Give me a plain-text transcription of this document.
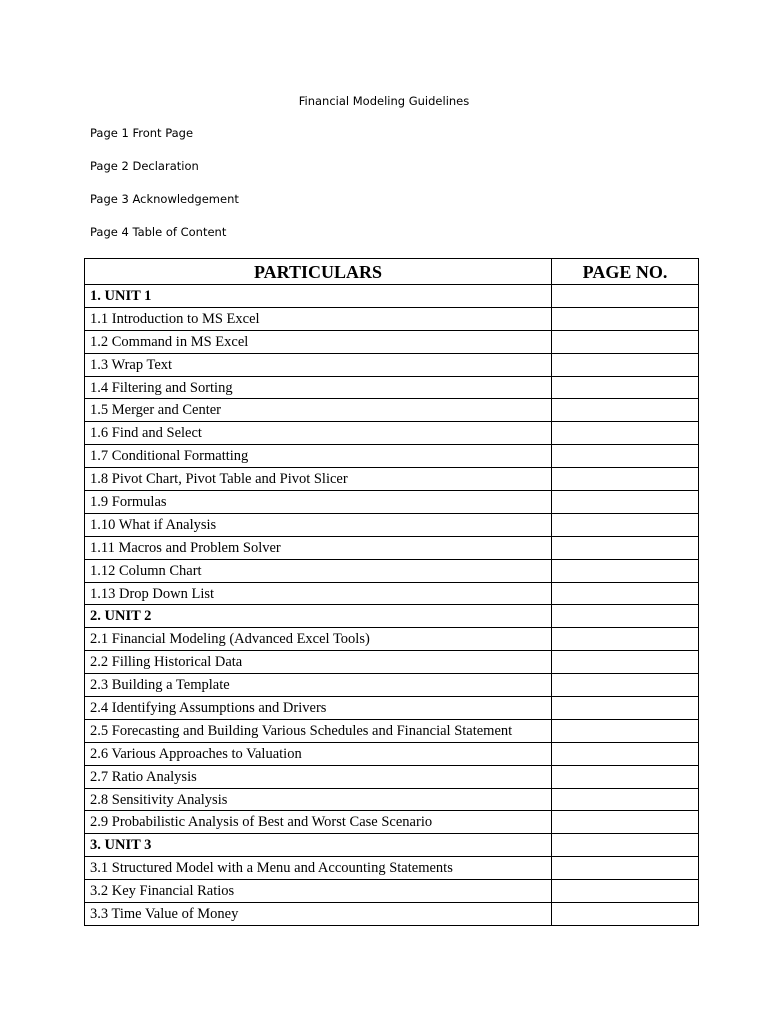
Financial Modeling Guidelines
Page 1 Front Page
Page 2 Declaration
Page 3 Acknowledgement
Page 4 Table of Content
PARTICULARS	PAGE NO.
1. UNIT 1	
1.1 Introduction to MS Excel	
1.2 Command in MS Excel	
1.3 Wrap Text	
1.4 Filtering and Sorting	
1.5 Merger and Center	
1.6 Find and Select	
1.7 Conditional Formatting	
1.8 Pivot Chart, Pivot Table and Pivot Slicer	
1.9 Formulas	
1.10 What if Analysis	
1.11 Macros and Problem Solver	
1.12 Column Chart	
1.13 Drop Down List	
2. UNIT 2	
2.1 Financial Modeling (Advanced Excel Tools)	
2.2 Filling Historical Data	
2.3 Building a Template	
2.4 Identifying Assumptions and Drivers	
2.5 Forecasting and Building Various Schedules and Financial Statement	
2.6 Various Approaches to Valuation	
2.7 Ratio Analysis	
2.8 Sensitivity Analysis	
2.9 Probabilistic Analysis of Best and Worst Case Scenario	
3. UNIT 3	
3.1 Structured Model with a Menu and Accounting Statements	
3.2 Key Financial Ratios	
3.3 Time Value of Money	
